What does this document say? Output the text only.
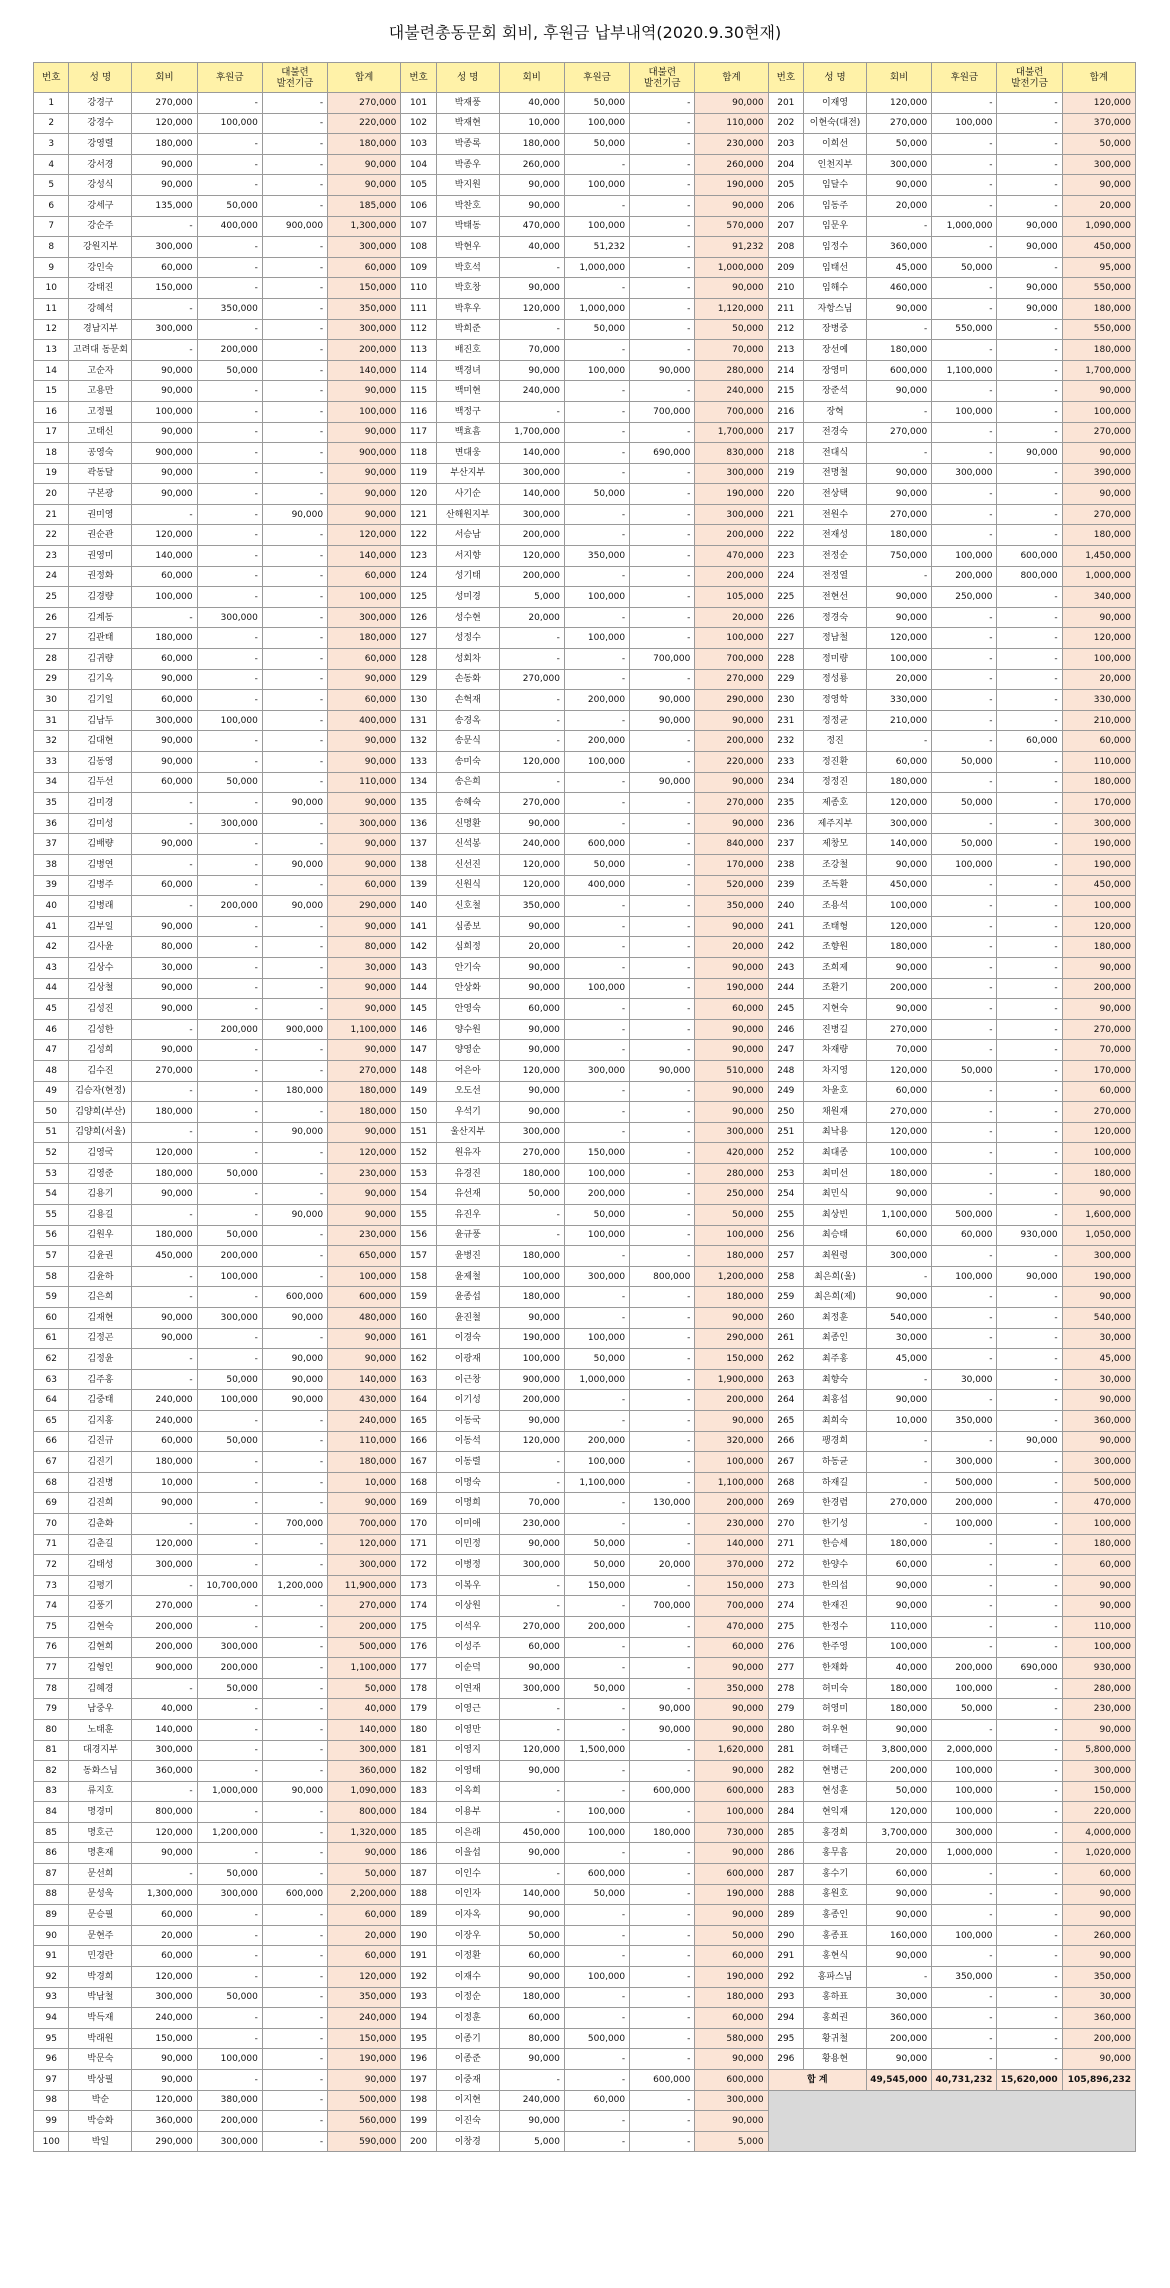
대불련총동문회 회비, 후원금 납부내역(2020.9.30현재)
번호	성 명	회비	후원금	대불련
발전기금	합계	번호	성 명	회비	후원금	대불련
발전기금	합계	번호	성 명	회비	후원금	대불련
발전기금	합계
1	강경구	270,000	-	-	270,000	101	박재풍	40,000	50,000	-	90,000	201	이재영	120,000	-	-	120,000
2	강경수	120,000	100,000	-	220,000	102	박재현	10,000	100,000	-	110,000	202	이현숙(대전)	270,000	100,000	-	370,000
3	강영렬	180,000	-	-	180,000	103	박종록	180,000	50,000	-	230,000	203	이희선	50,000	-	-	50,000
4	강서경	90,000	-	-	90,000	104	박종우	260,000	-	-	260,000	204	인천지부	300,000	-	-	300,000
5	강성식	90,000	-	-	90,000	105	박지원	90,000	100,000	-	190,000	205	임달수	90,000	-	-	90,000
6	강세구	135,000	50,000	-	185,000	106	박찬호	90,000	-	-	90,000	206	임동주	20,000	-	-	20,000
7	강순주	-	400,000	900,000	1,300,000	107	박태동	470,000	100,000	-	570,000	207	임문우	-	1,000,000	90,000	1,090,000
8	강원지부	300,000	-	-	300,000	108	박현우	40,000	51,232	-	91,232	208	임정수	360,000	-	90,000	450,000
9	강인숙	60,000	-	-	60,000	109	박호석	-	1,000,000	-	1,000,000	209	임태선	45,000	50,000	-	95,000
10	강태진	150,000	-	-	150,000	110	박호창	90,000	-	-	90,000	210	임해수	460,000	-	90,000	550,000
11	강혜석	-	350,000	-	350,000	111	박후우	120,000	1,000,000	-	1,120,000	211	자항스님	90,000	-	90,000	180,000
12	경남지부	300,000	-	-	300,000	112	박희준	-	50,000	-	50,000	212	장병중	-	550,000	-	550,000
13	고려대 동문회	-	200,000	-	200,000	113	배진호	70,000	-	-	70,000	213	장선예	180,000	-	-	180,000
14	고순자	90,000	50,000	-	140,000	114	백경녀	90,000	100,000	90,000	280,000	214	장영미	600,000	1,100,000	-	1,700,000
15	고용만	90,000	-	-	90,000	115	백미현	240,000	-	-	240,000	215	장준석	90,000	-	-	90,000
16	고정필	100,000	-	-	100,000	116	백정구	-	-	700,000	700,000	216	장혁	-	100,000	-	100,000
17	고태신	90,000	-	-	90,000	117	백효흠	1,700,000	-	-	1,700,000	217	전경숙	270,000	-	-	270,000
18	공영숙	900,000	-	-	900,000	118	변대웅	140,000	-	690,000	830,000	218	전대식	-	-	90,000	90,000
19	곽동달	90,000	-	-	90,000	119	부산지부	300,000	-	-	300,000	219	전명철	90,000	300,000	-	390,000
20	구본광	90,000	-	-	90,000	120	사기순	140,000	50,000	-	190,000	220	전상택	90,000	-	-	90,000
21	권미영	-	-	90,000	90,000	121	산해원지부	300,000	-	-	300,000	221	전원수	270,000	-	-	270,000
22	권순관	120,000	-	-	120,000	122	서승남	200,000	-	-	200,000	222	전재성	180,000	-	-	180,000
23	권영미	140,000	-	-	140,000	123	서지향	120,000	350,000	-	470,000	223	전정순	750,000	100,000	600,000	1,450,000
24	권정화	60,000	-	-	60,000	124	성기태	200,000	-	-	200,000	224	전정열	-	200,000	800,000	1,000,000
25	김경량	100,000	-	-	100,000	125	성미경	5,000	100,000	-	105,000	225	전현선	90,000	250,000	-	340,000
26	김계동	-	300,000	-	300,000	126	성수현	20,000	-	-	20,000	226	정경숙	90,000	-	-	90,000
27	김관태	180,000	-	-	180,000	127	성정수	-	100,000	-	100,000	227	정남철	120,000	-	-	120,000
28	김귀량	60,000	-	-	60,000	128	성회차	-	-	700,000	700,000	228	정미량	100,000	-	-	100,000
29	김기옥	90,000	-	-	90,000	129	손동화	270,000	-	-	270,000	229	정성룡	20,000	-	-	20,000
30	김기일	60,000	-	-	60,000	130	손혁재	-	200,000	90,000	290,000	230	정영학	330,000	-	-	330,000
31	김남두	300,000	100,000	-	400,000	131	송경옥	-	-	90,000	90,000	231	정정균	210,000	-	-	210,000
32	김대현	90,000	-	-	90,000	132	송문식	-	200,000	-	200,000	232	정진	-	-	60,000	60,000
33	김동영	90,000	-	-	90,000	133	송미숙	120,000	100,000	-	220,000	233	정진환	60,000	50,000	-	110,000
34	김두선	60,000	50,000	-	110,000	134	송은희	-	-	90,000	90,000	234	정정진	180,000	-	-	180,000
35	김미경	-	-	90,000	90,000	135	송혜숙	270,000	-	-	270,000	235	제종호	120,000	50,000	-	170,000
36	김미성	-	300,000	-	300,000	136	신명환	90,000	-	-	90,000	236	제주지부	300,000	-	-	300,000
37	김배량	90,000	-	-	90,000	137	신석봉	240,000	600,000	-	840,000	237	제창모	140,000	50,000	-	190,000
38	김병연	-	-	90,000	90,000	138	신선진	120,000	50,000	-	170,000	238	조강철	90,000	100,000	-	190,000
39	김병주	60,000	-	-	60,000	139	신원식	120,000	400,000	-	520,000	239	조독환	450,000	-	-	450,000
40	김병래	-	200,000	90,000	290,000	140	신호철	350,000	-	-	350,000	240	조용석	100,000	-	-	100,000
41	김부일	90,000	-	-	90,000	141	심종보	90,000	-	-	90,000	241	조태형	120,000	-	-	120,000
42	김사윤	80,000	-	-	80,000	142	심희정	20,000	-	-	20,000	242	조향원	180,000	-	-	180,000
43	김상수	30,000	-	-	30,000	143	안기숙	90,000	-	-	90,000	243	조희제	90,000	-	-	90,000
44	김상철	90,000	-	-	90,000	144	안상화	90,000	100,000	-	190,000	244	조환기	200,000	-	-	200,000
45	김성진	90,000	-	-	90,000	145	안영숙	60,000	-	-	60,000	245	지현숙	90,000	-	-	90,000
46	김성한	-	200,000	900,000	1,100,000	146	양수원	90,000	-	-	90,000	246	진병길	270,000	-	-	270,000
47	김성희	90,000	-	-	90,000	147	양영순	90,000	-	-	90,000	247	차재량	70,000	-	-	70,000
48	김수진	270,000	-	-	270,000	148	어은아	120,000	300,000	90,000	510,000	248	차지영	120,000	50,000	-	170,000
49	김승자(현정)	-	-	180,000	180,000	149	오도선	90,000	-	-	90,000	249	차윤호	60,000	-	-	60,000
50	김양희(부산)	180,000	-	-	180,000	150	우석기	90,000	-	-	90,000	250	채원재	270,000	-	-	270,000
51	김양희(서울)	-	-	90,000	90,000	151	울산지부	300,000	-	-	300,000	251	최낙용	120,000	-	-	120,000
52	김영국	120,000	-	-	120,000	152	원유자	270,000	150,000	-	420,000	252	최대종	100,000	-	-	100,000
53	김영준	180,000	50,000	-	230,000	153	유경진	180,000	100,000	-	280,000	253	최미선	180,000	-	-	180,000
54	김용기	90,000	-	-	90,000	154	유선재	50,000	200,000	-	250,000	254	최민식	90,000	-	-	90,000
55	김용길	-	-	90,000	90,000	155	유진우	-	50,000	-	50,000	255	최상빈	1,100,000	500,000	-	1,600,000
56	김원우	180,000	50,000	-	230,000	156	윤규풍	-	100,000	-	100,000	256	최승태	60,000	60,000	930,000	1,050,000
57	김윤권	450,000	200,000	-	650,000	157	윤병진	180,000	-	-	180,000	257	최원령	300,000	-	-	300,000
58	김윤하	-	100,000	-	100,000	158	윤제철	100,000	300,000	800,000	1,200,000	258	최은희(울)	-	100,000	90,000	190,000
59	김은희	-	-	600,000	600,000	159	윤종섭	180,000	-	-	180,000	259	최은희(제)	90,000	-	-	90,000
60	김재현	90,000	300,000	90,000	480,000	160	윤진철	90,000	-	-	90,000	260	최정훈	540,000	-	-	540,000
61	김정곤	90,000	-	-	90,000	161	이경숙	190,000	100,000	-	290,000	261	최종인	30,000	-	-	30,000
62	김정윤	-	-	90,000	90,000	162	이광재	100,000	50,000	-	150,000	262	최주홍	45,000	-	-	45,000
63	김주홍	-	50,000	90,000	140,000	163	이근창	900,000	1,000,000	-	1,900,000	263	최향숙	-	30,000	-	30,000
64	김중태	240,000	100,000	90,000	430,000	164	이기성	200,000	-	-	200,000	264	최홍섭	90,000	-	-	90,000
65	김지홍	240,000	-	-	240,000	165	이동국	90,000	-	-	90,000	265	최희숙	10,000	350,000	-	360,000
66	김진규	60,000	50,000	-	110,000	166	이동석	120,000	200,000	-	320,000	266	팽경희	-	-	90,000	90,000
67	김진기	180,000	-	-	180,000	167	이동렬	-	100,000	-	100,000	267	하동균	-	300,000	-	300,000
68	김진병	10,000	-	-	10,000	168	이명숙	-	1,100,000	-	1,100,000	268	하재길	-	500,000	-	500,000
69	김진희	90,000	-	-	90,000	169	이명희	70,000	-	130,000	200,000	269	한경렴	270,000	200,000	-	470,000
70	김춘화	-	-	700,000	700,000	170	이미애	230,000	-	-	230,000	270	한기성	-	100,000	-	100,000
71	김춘길	120,000	-	-	120,000	171	이민정	90,000	50,000	-	140,000	271	한승세	180,000	-	-	180,000
72	김태성	300,000	-	-	300,000	172	이병정	300,000	50,000	20,000	370,000	272	한양수	60,000	-	-	60,000
73	김평기	-	10,700,000	1,200,000	11,900,000	173	이복우	-	150,000	-	150,000	273	한의섭	90,000	-	-	90,000
74	김풍기	270,000	-	-	270,000	174	이상원	-	-	700,000	700,000	274	한재진	90,000	-	-	90,000
75	김현숙	200,000	-	-	200,000	175	이석우	270,000	200,000	-	470,000	275	한정수	110,000	-	-	110,000
76	김현희	200,000	300,000	-	500,000	176	이성주	60,000	-	-	60,000	276	한주영	100,000	-	-	100,000
77	김형인	900,000	200,000	-	1,100,000	177	이순덕	90,000	-	-	90,000	277	한채화	40,000	200,000	690,000	930,000
78	김혜경	-	50,000	-	50,000	178	이연재	300,000	50,000	-	350,000	278	허미숙	180,000	100,000	-	280,000
79	남중우	40,000	-	-	40,000	179	이영근	-	-	90,000	90,000	279	허영미	180,000	50,000	-	230,000
80	노태훈	140,000	-	-	140,000	180	이영만	-	-	90,000	90,000	280	허우현	90,000	-	-	90,000
81	대경지부	300,000	-	-	300,000	181	이영지	120,000	1,500,000	-	1,620,000	281	허태근	3,800,000	2,000,000	-	5,800,000
82	동화스님	360,000	-	-	360,000	182	이영태	90,000	-	-	90,000	282	현병근	200,000	100,000	-	300,000
83	류지호	-	1,000,000	90,000	1,090,000	183	이옥희	-	-	600,000	600,000	283	현성훈	50,000	100,000	-	150,000
84	명경미	800,000	-	-	800,000	184	이용부	-	100,000	-	100,000	284	현익재	120,000	100,000	-	220,000
85	명호근	120,000	1,200,000	-	1,320,000	185	이은래	450,000	100,000	180,000	730,000	285	홍경희	3,700,000	300,000	-	4,000,000
86	명혼재	90,000	-	-	90,000	186	이을섭	90,000	-	-	90,000	286	홍무흠	20,000	1,000,000	-	1,020,000
87	문선희	-	50,000	-	50,000	187	이인수	-	600,000	-	600,000	287	홍수기	60,000	-	-	60,000
88	문성욱	1,300,000	300,000	600,000	2,200,000	188	이인자	140,000	50,000	-	190,000	288	홍원호	90,000	-	-	90,000
89	문승필	60,000	-	-	60,000	189	이자옥	90,000	-	-	90,000	289	홍종인	90,000	-	-	90,000
90	문현주	20,000	-	-	20,000	190	이장우	50,000	-	-	50,000	290	홍종표	160,000	100,000	-	260,000
91	민경란	60,000	-	-	60,000	191	이정환	60,000	-	-	60,000	291	홍현식	90,000	-	-	90,000
92	박경희	120,000	-	-	120,000	192	이재수	90,000	100,000	-	190,000	292	홍파스님	-	350,000	-	350,000
93	박남철	300,000	50,000	-	350,000	193	이정순	180,000	-	-	180,000	293	홍하표	30,000	-	-	30,000
94	박득재	240,000	-	-	240,000	194	이정훈	60,000	-	-	60,000	294	홍희권	360,000	-	-	360,000
95	박래원	150,000	-	-	150,000	195	이종기	80,000	500,000	-	580,000	295	황귀철	200,000	-	-	200,000
96	박문숙	90,000	100,000	-	190,000	196	이종준	90,000	-	-	90,000	296	황용현	90,000	-	-	90,000
97	박상필	90,000	-	-	90,000	197	이중재	-	-	600,000	600,000	합 계		49,545,000	40,731,232	15,620,000	105,896,232
98	박순	120,000	380,000	-	500,000	198	이지현	240,000	60,000	-	300,000						
99	박승화	360,000	200,000	-	560,000	199	이진숙	90,000	-	-	90,000						
100	박일	290,000	300,000	-	590,000	200	이창경	5,000	-	-	5,000						
